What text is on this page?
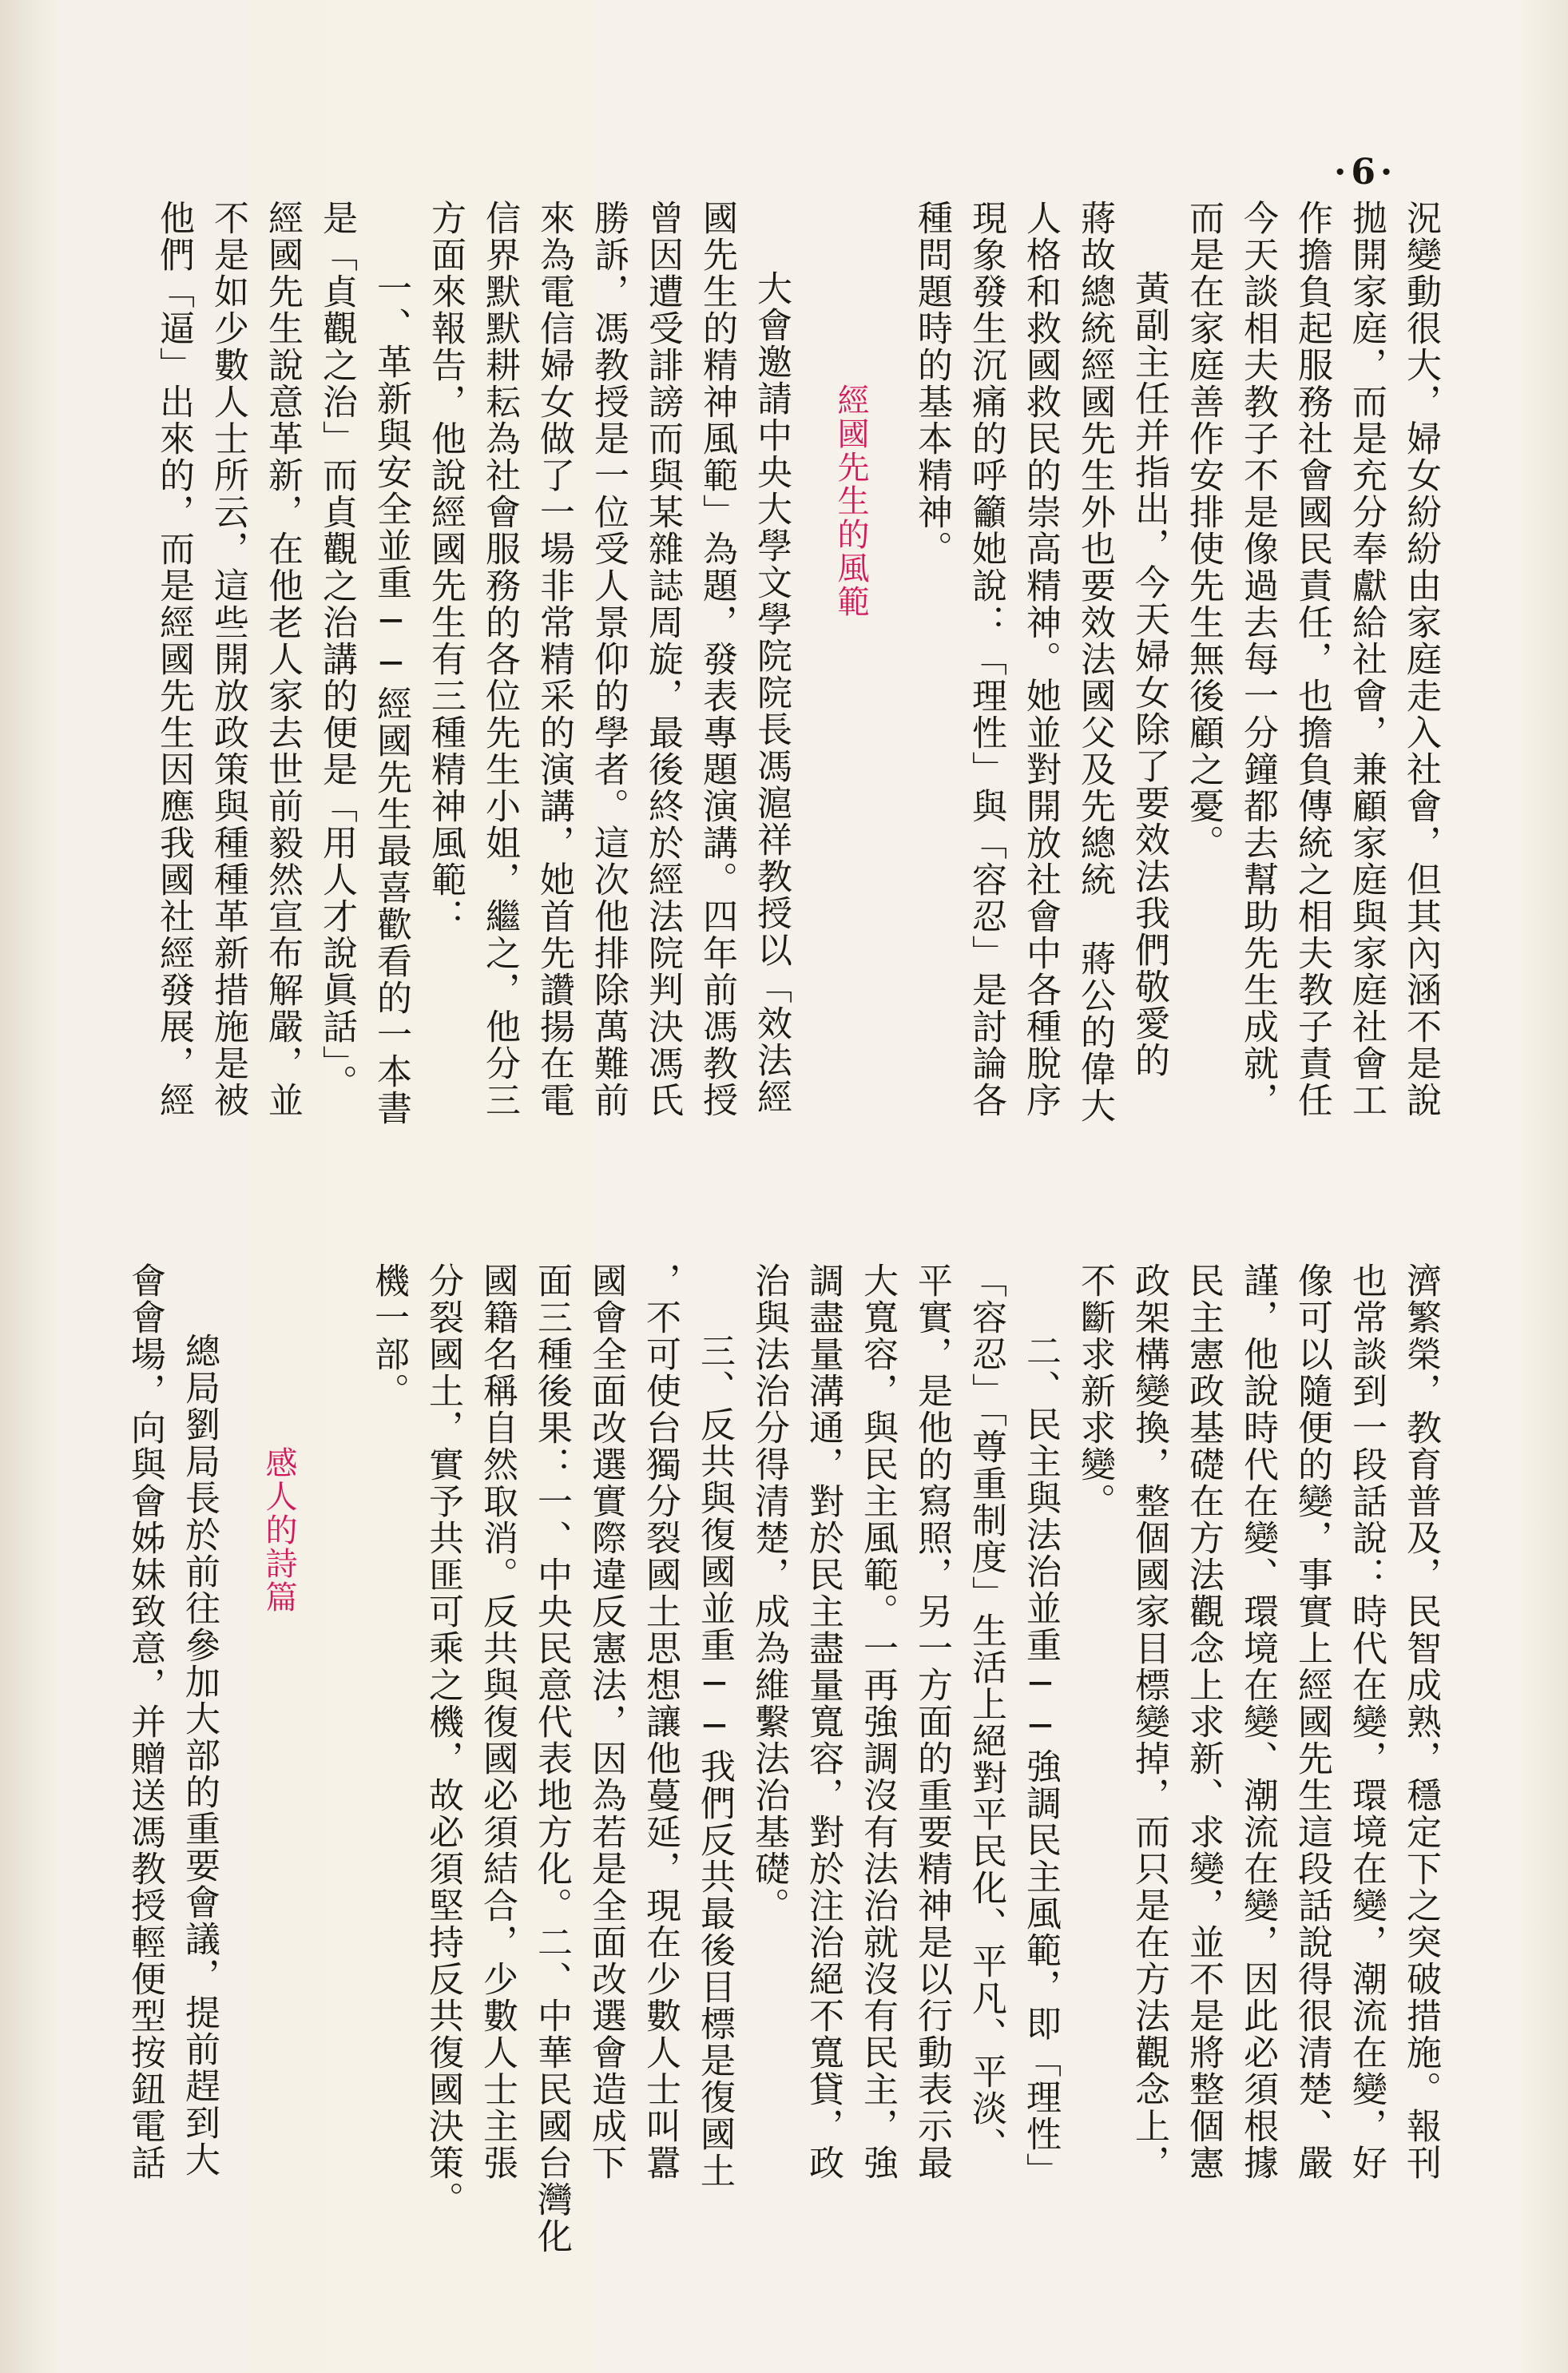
·6·
況變動很大，婦女紛紛由家庭走入社會，但其內涵不是說
拋開家庭，而是充分奉獻給社會，兼顧家庭與家庭社會工
作擔負起服務社會國民責任，也擔負傳統之相夫教子責任
今天談相夫教子不是像過去每一分鐘都去幫助先生成就，
而是在家庭善作安排使先生無後顧之憂。
黃副主任并指出，今天婦女除了要效法我們敬愛的
蔣故總統經國先生外也要效法國父及先總統 蔣公的偉大
人格和救國救民的崇高精神。她並對開放社會中各種脫序
現象發生沉痛的呼籲她說：「理性」與「容忍」是討論各
種問題時的基本精神。
經國先生的風範
大會邀請中央大學文學院院長馮滬祥教授以「效法經
國先生的精神風範」為題，發表專題演講。四年前馮教授
曾因遭受誹謗而與某雜誌周旋，最後終於經法院判決馮氏
勝訴，馮教授是一位受人景仰的學者。這次他排除萬難前
來為電信婦女做了一場非常精采的演講，她首先讚揚在電
信界默默耕耘為社會服務的各位先生小姐，繼之，他分三
方面來報告，他說經國先生有三種精神風範：
一、革新與安全並重──經國先生最喜歡看的一本書
是「貞觀之治」而貞觀之治講的便是「用人才說眞話」。
經國先生說意革新，在他老人家去世前毅然宣布解嚴，並
不是如少數人士所云，這些開放政策與種種革新措施是被
他們「逼」出來的，而是經國先生因應我國社經發展，經
濟繁榮，教育普及，民智成熟，穩定下之突破措施。報刊
也常談到一段話說：時代在變，環境在變，潮流在變，好
像可以隨便的變，事實上經國先生這段話說得很清楚、嚴
謹，他說時代在變、環境在變、潮流在變，因此必須根據
民主憲政基礎在方法觀念上求新、求變，並不是將整個憲
政架構變換，整個國家目標變掉，而只是在方法觀念上，
不斷求新求變。
二、民主與法治並重──強調民主風範，即「理性」
「容忍」「尊重制度」生活上絕對平民化、平凡、平淡、
平實，是他的寫照，另一方面的重要精神是以行動表示最
大寬容，與民主風範。一再強調沒有法治就沒有民主，強
調盡量溝通，對於民主盡量寬容，對於注治絕不寬貸，政
治與法治分得清楚，成為維繫法治基礎。
三、反共與復國並重──我們反共最後目標是復國土
，不可使台獨分裂國土思想讓他蔓延，現在少數人士叫囂
國會全面改選實際違反憲法，因為若是全面改選會造成下
面三種後果：一、中央民意代表地方化。二、中華民國台灣化
國籍名稱自然取消。反共與復國必須結合，少數人士主張
分裂國土，實予共匪可乘之機，故必須堅持反共復國決策。
機一部。
感人的詩篇
總局劉局長於前往參加大部的重要會議，提前趕到大
會會場，向與會姊妹致意，并贈送馮教授輕便型按鈕電話
